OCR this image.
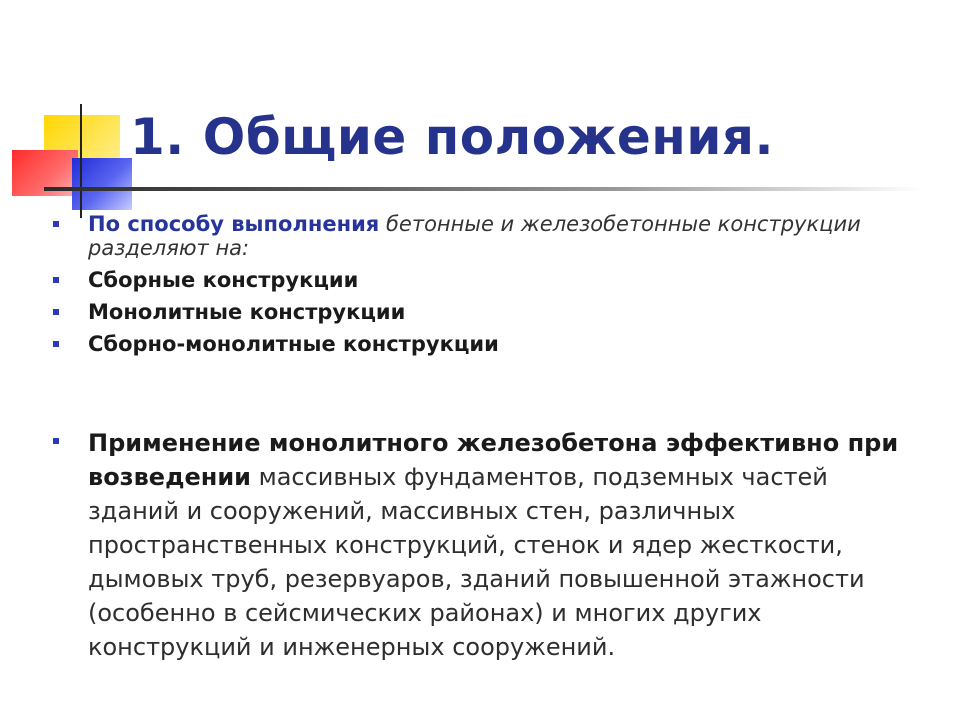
1. Общие положения.

По способу выполнения бетонные и железобетонные конструкции разделяют на:

Сборные конструкции

Монолитные конструкции

Сборно-монолитные конструкции

Применение монолитного железобетона эффективно при возведении массивных фундаментов, подземных частей зданий и сооружений, массивных стен, различных пространственных конструкций, стенок и ядер жесткости, дымовых труб, резервуаров, зданий повышенной этажности (особенно в сейсмических районах) и многих других конструкций и инженерных сооружений.
